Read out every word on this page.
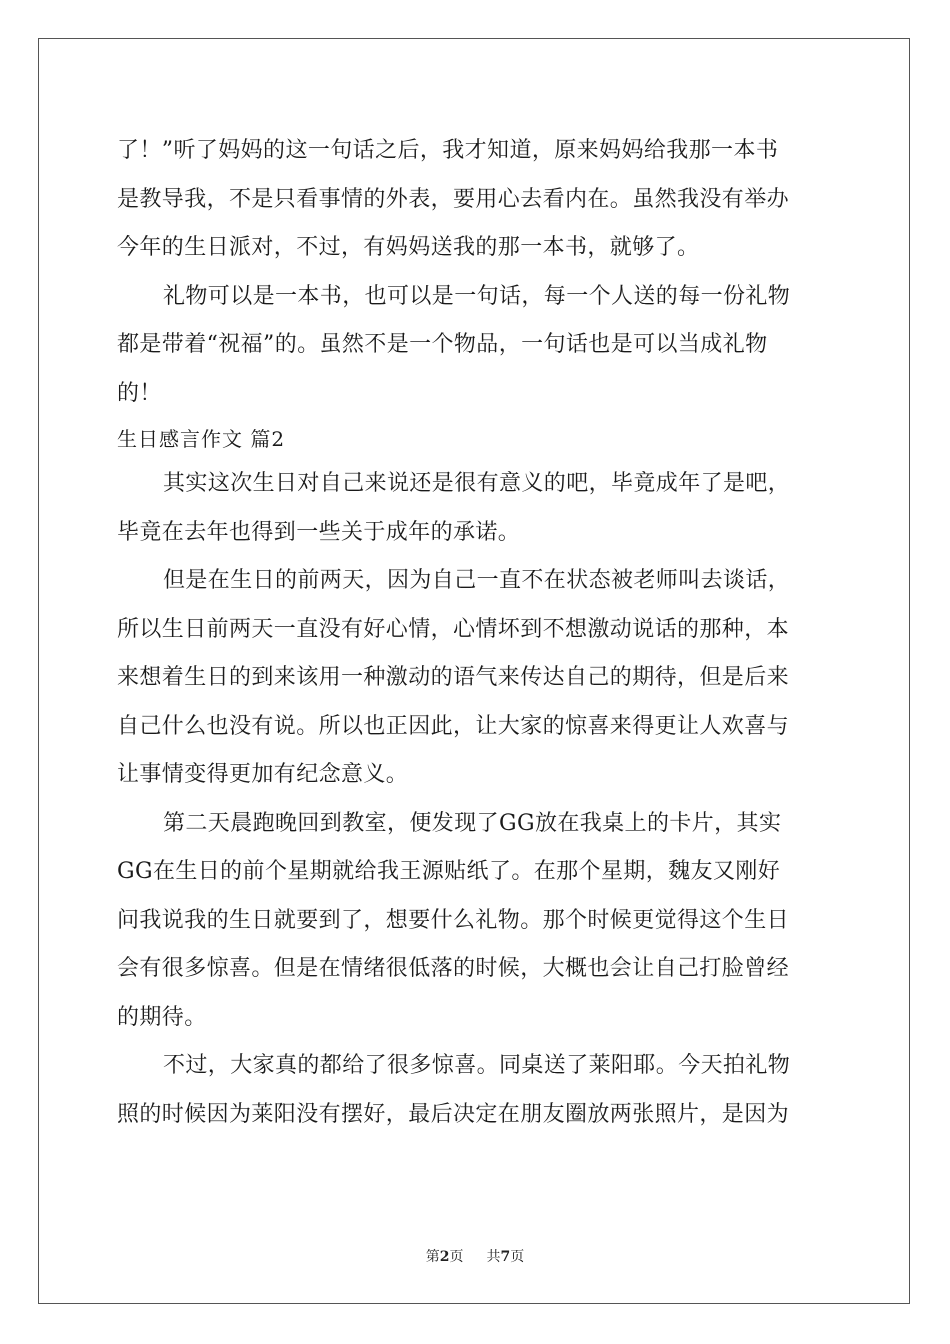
了！”听了妈妈的这一句话之后，我才知道，原来妈妈给我那一本书
是教导我，不是只看事情的外表，要用心去看内在。虽然我没有举办
今年的生日派对，不过，有妈妈送我的那一本书，就够了。
礼物可以是一本书，也可以是一句话，每一个人送的每一份礼物
都是带着“祝福”的。虽然不是一个物品，一句话也是可以当成礼物
的！
生日感言作文 篇2
其实这次生日对自己来说还是很有意义的吧，毕竟成年了是吧，
毕竟在去年也得到一些关于成年的承诺。
但是在生日的前两天，因为自己一直不在状态被老师叫去谈话，
所以生日前两天一直没有好心情，心情坏到不想激动说话的那种，本
来想着生日的到来该用一种激动的语气来传达自己的期待，但是后来
自己什么也没有说。所以也正因此，让大家的惊喜来得更让人欢喜与
让事情变得更加有纪念意义。
第二天晨跑晚回到教室，便发现了GG放在我桌上的卡片，其实
GG在生日的前个星期就给我王源贴纸了。在那个星期，魏友又刚好
问我说我的生日就要到了，想要什么礼物。那个时候更觉得这个生日
会有很多惊喜。但是在情绪很低落的时候，大概也会让自己打脸曾经
的期待。
不过，大家真的都给了很多惊喜。同桌送了莱阳耶。今天拍礼物
照的时候因为莱阳没有摆好，最后决定在朋友圈放两张照片，是因为
第2页 共7页
